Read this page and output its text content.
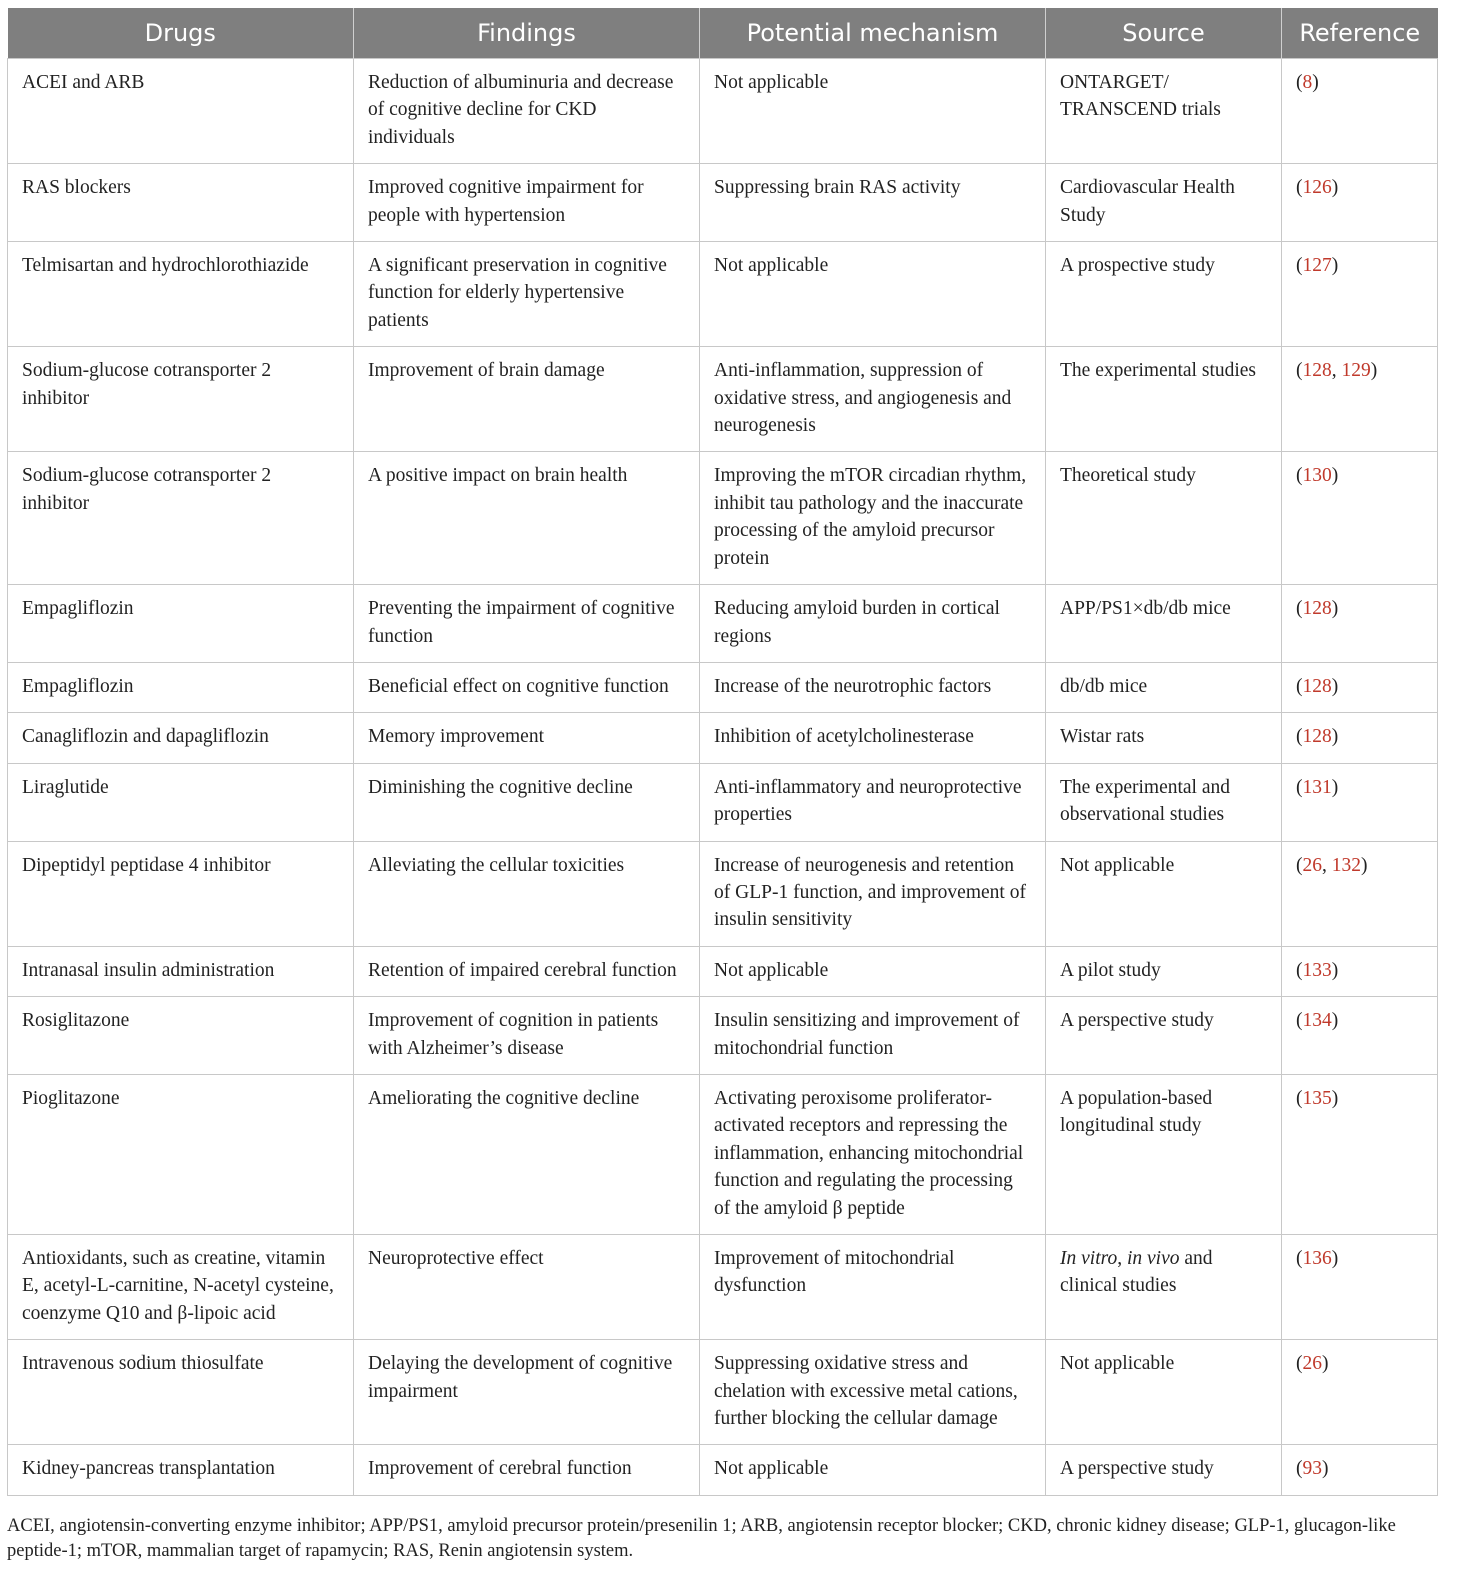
Drugs	Findings	Potential mechanism	Source	Reference
ACEI and ARB	Reduction of albuminuria and decrease of cognitive decline for CKD individuals	Not applicable	ONTARGET/ TRANSCEND trials	(8)
RAS blockers	Improved cognitive impairment for people with hypertension	Suppressing brain RAS activity	Cardiovascular Health Study	(126)
Telmisartan and hydrochlorothiazide	A significant preservation in cognitive function for elderly hypertensive patients	Not applicable	A prospective study	(127)
Sodium-glucose cotransporter 2 inhibitor	Improvement of brain damage	Anti-inflammation, suppression of oxidative stress, and angiogenesis and neurogenesis	The experimental studies	(128, 129)
Sodium-glucose cotransporter 2 inhibitor	A positive impact on brain health	Improving the mTOR circadian rhythm, inhibit tau pathology and the inaccurate processing of the amyloid precursor protein	Theoretical study	(130)
Empagliflozin	Preventing the impairment of cognitive function	Reducing amyloid burden in cortical regions	APP/PS1×db/db mice	(128)
Empagliflozin	Beneficial effect on cognitive function	Increase of the neurotrophic factors	db/db mice	(128)
Canagliflozin and dapagliflozin	Memory improvement	Inhibition of acetylcholinesterase	Wistar rats	(128)
Liraglutide	Diminishing the cognitive decline	Anti-inflammatory and neuroprotective properties	The experimental and observational studies	(131)
Dipeptidyl peptidase 4 inhibitor	Alleviating the cellular toxicities	Increase of neurogenesis and retention of GLP-1 function, and improvement of insulin sensitivity	Not applicable	(26, 132)
Intranasal insulin administration	Retention of impaired cerebral function	Not applicable	A pilot study	(133)
Rosiglitazone	Improvement of cognition in patients with Alzheimer’s disease	Insulin sensitizing and improvement of mitochondrial function	A perspective study	(134)
Pioglitazone	Ameliorating the cognitive decline	Activating peroxisome proliferator-activated receptors and repressing the inflammation, enhancing mitochondrial function and regulating the processing of the amyloid β peptide	A population-based longitudinal study	(135)
Antioxidants, such as creatine, vitamin E, acetyl-L-carnitine, N-acetyl cysteine, coenzyme Q10 and β-lipoic acid	Neuroprotective effect	Improvement of mitochondrial dysfunction	In vitro, in vivo and clinical studies	(136)
Intravenous sodium thiosulfate	Delaying the development of cognitive impairment	Suppressing oxidative stress and chelation with excessive metal cations, further blocking the cellular damage	Not applicable	(26)
Kidney-pancreas transplantation	Improvement of cerebral function	Not applicable	A perspective study	(93)
ACEI, angiotensin-converting enzyme inhibitor; APP/PS1, amyloid precursor protein/presenilin 1; ARB, angiotensin receptor blocker; CKD, chronic kidney disease; GLP-1, glucagon-like peptide-1; mTOR, mammalian target of rapamycin; RAS, Renin angiotensin system.
